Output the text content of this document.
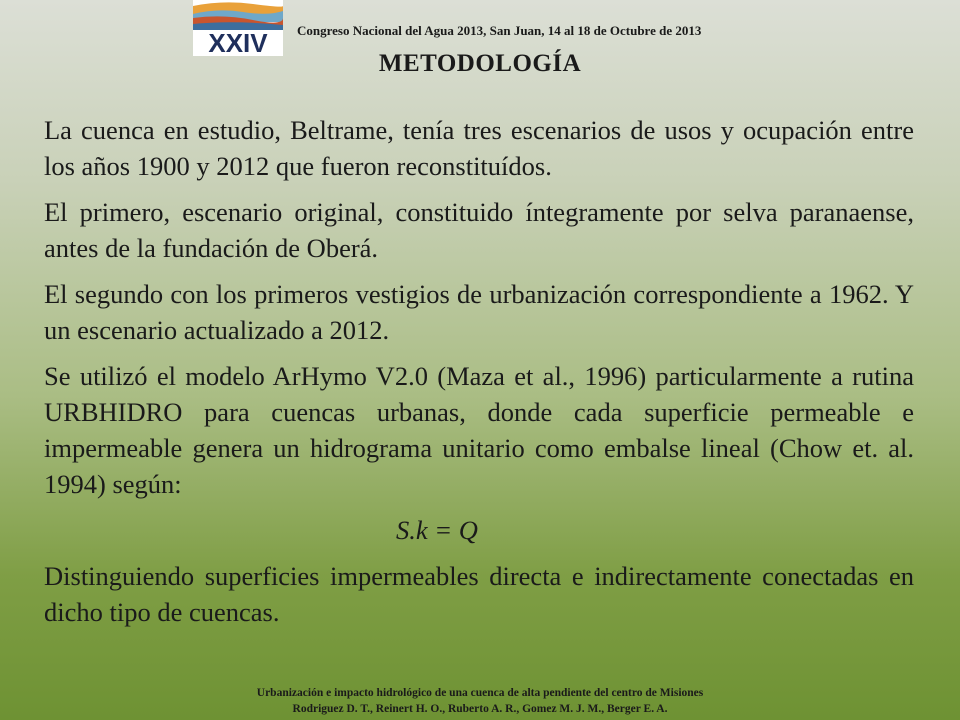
XXIV Congreso Nacional del Agua 2013, San Juan, 14 al 18 de Octubre de 2013
METODOLOGÍA

La cuenca en estudio, Beltrame, tenía tres escenarios de usos y ocupación entre los años 1900 y 2012 que fueron reconstituídos.

El primero, escenario original, constituido íntegramente por selva paranaense, antes de la fundación de Oberá.

El segundo con los primeros vestigios de urbanización correspondiente a 1962. Y un escenario actualizado a 2012.

Se utilizó el modelo ArHymo V2.0 (Maza et al., 1996) particularmente a rutina URBHIDRO para cuencas urbanas, donde cada superficie permeable e impermeable genera un hidrograma unitario como embalse lineal (Chow et. al. 1994) según:

S.k = Q

Distinguiendo superficies impermeables directa e indirectamente conectadas en dicho tipo de cuencas.

Urbanización e impacto hidrológico de una cuenca de alta pendiente del centro de Misiones
Rodriguez D. T., Reinert H. O., Ruberto A. R., Gomez M. J. M., Berger E. A.
